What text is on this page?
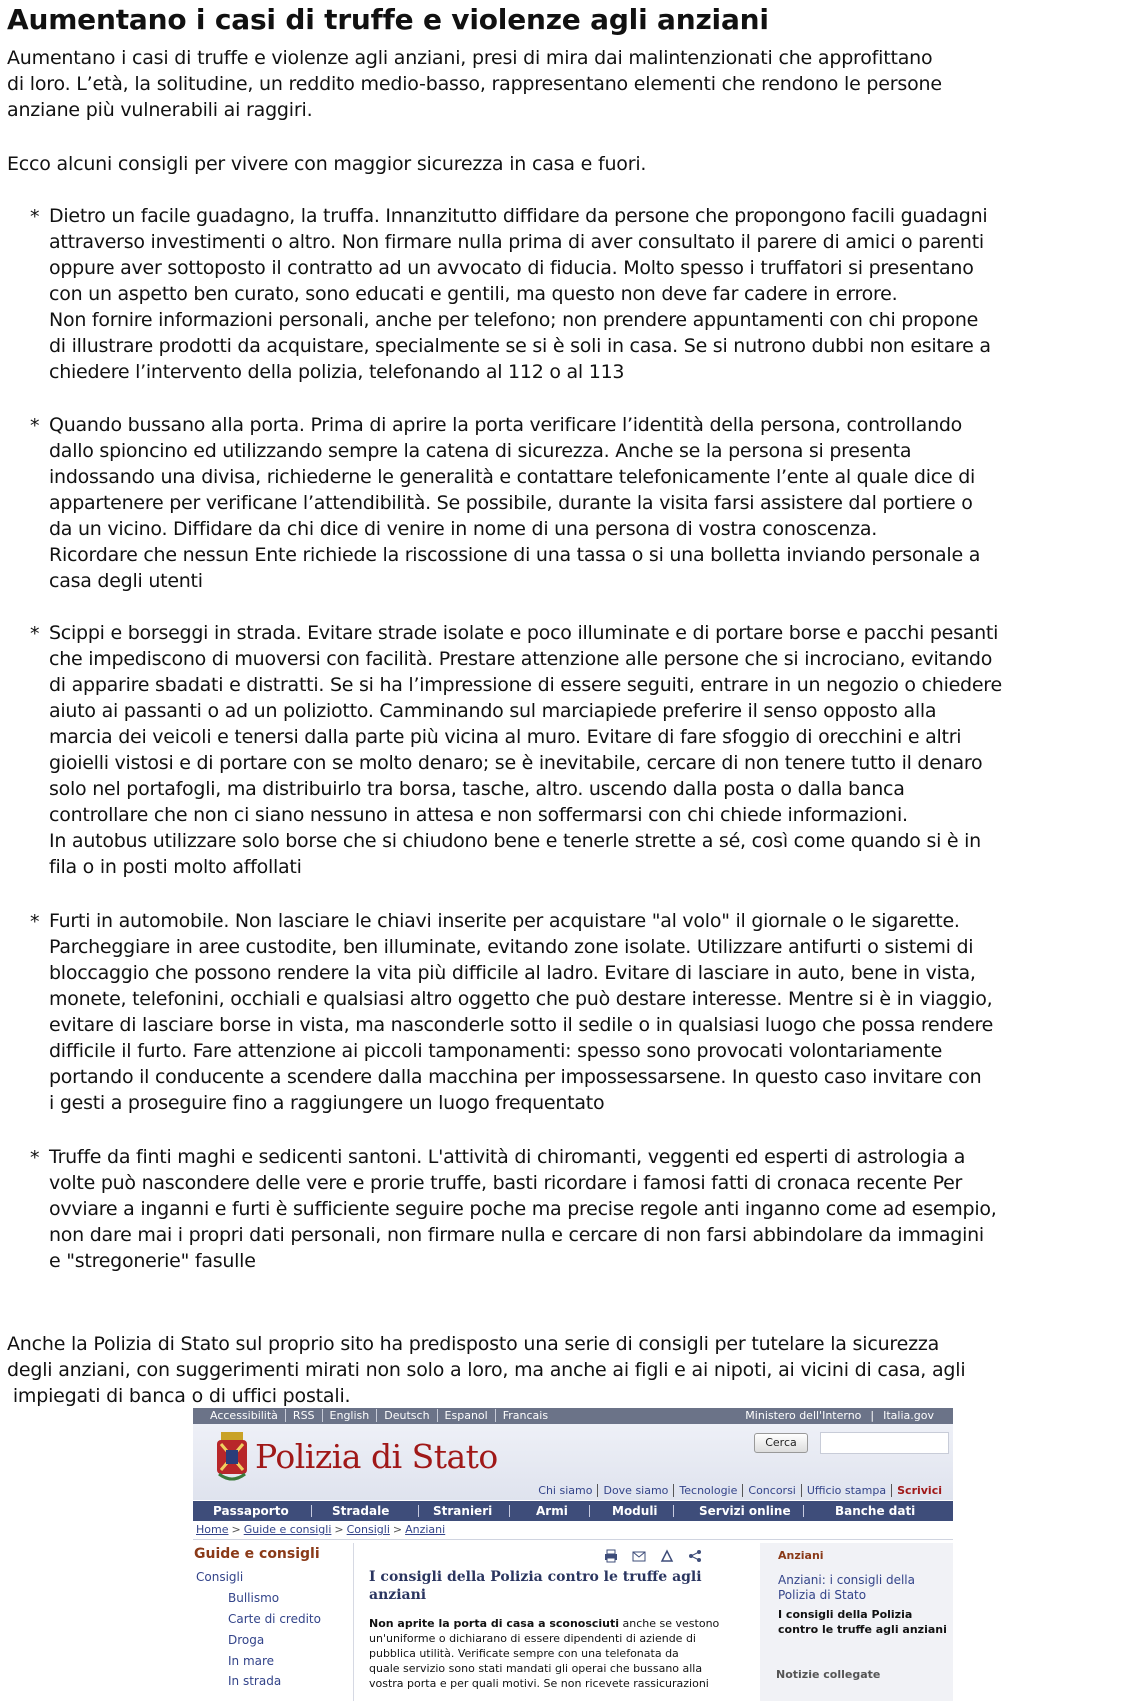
Aumentano i casi di truffe e violenze agli anziani

Aumentano i casi di truffe e violenze agli anziani, presi di mira dai malintenzionati che approfittano
di loro. L’età, la solitudine, un reddito medio-basso, rappresentano elementi che rendono le persone
anziane più vulnerabili ai raggiri.

Ecco alcuni consigli per vivere con maggior sicurezza in casa e fuori.

* Dietro un facile guadagno, la truffa. Innanzitutto diffidare da persone che propongono facili guadagni
attraverso investimenti o altro. Non firmare nulla prima di aver consultato il parere di amici o parenti
oppure aver sottoposto il contratto ad un avvocato di fiducia. Molto spesso i truffatori si presentano
con un aspetto ben curato, sono educati e gentili, ma questo non deve far cadere in errore.
Non fornire informazioni personali, anche per telefono; non prendere appuntamenti con chi propone
di illustrare prodotti da acquistare, specialmente se si è soli in casa. Se si nutrono dubbi non esitare a
chiedere l’intervento della polizia, telefonando al 112 o al 113
* Quando bussano alla porta. Prima di aprire la porta verificare l’identità della persona, controllando
dallo spioncino ed utilizzando sempre la catena di sicurezza. Anche se la persona si presenta
indossando una divisa, richiederne le generalità e contattare telefonicamente l’ente al quale dice di
appartenere per verificane l’attendibilità. Se possibile, durante la visita farsi assistere dal portiere o
da un vicino. Diffidare da chi dice di venire in nome di una persona di vostra conoscenza.
Ricordare che nessun Ente richiede la riscossione di una tassa o si una bolletta inviando personale a
casa degli utenti
* Scippi e borseggi in strada. Evitare strade isolate e poco illuminate e di portare borse e pacchi pesanti
che impediscono di muoversi con facilità. Prestare attenzione alle persone che si incrociano, evitando
di apparire sbadati e distratti. Se si ha l’impressione di essere seguiti, entrare in un negozio o chiedere
aiuto ai passanti o ad un poliziotto. Camminando sul marciapiede preferire il senso opposto alla
marcia dei veicoli e tenersi dalla parte più vicina al muro. Evitare di fare sfoggio di orecchini e altri
gioielli vistosi e di portare con se molto denaro; se è inevitabile, cercare di non tenere tutto il denaro
solo nel portafogli, ma distribuirlo tra borsa, tasche, altro. uscendo dalla posta o dalla banca
controllare che non ci siano nessuno in attesa e non soffermarsi con chi chiede informazioni.
In autobus utilizzare solo borse che si chiudono bene e tenerle strette a sé, così come quando si è in
fila o in posti molto affollati
* Furti in automobile. Non lasciare le chiavi inserite per acquistare "al volo" il giornale o le sigarette.
Parcheggiare in aree custodite, ben illuminate, evitando zone isolate. Utilizzare antifurti o sistemi di
bloccaggio che possono rendere la vita più difficile al ladro. Evitare di lasciare in auto, bene in vista,
monete, telefonini, occhiali e qualsiasi altro oggetto che può destare interesse. Mentre si è in viaggio,
evitare di lasciare borse in vista, ma nasconderle sotto il sedile o in qualsiasi luogo che possa rendere
difficile il furto. Fare attenzione ai piccoli tamponamenti: spesso sono provocati volontariamente
portando il conducente a scendere dalla macchina per impossessarsene. In questo caso invitare con
i gesti a proseguire fino a raggiungere un luogo frequentato
* Truffe da finti maghi e sedicenti santoni. L'attività di chiromanti, veggenti ed esperti di astrologia a
volte può nascondere delle vere e prorie truffe, basti ricordare i famosi fatti di cronaca recente Per
ovviare a inganni e furti è sufficiente seguire poche ma precise regole anti inganno come ad esempio,
non dare mai i propri dati personali, non firmare nulla e cercare di non farsi abbindolare da immagini
e "stregonerie" fasulle

Anche la Polizia di Stato sul proprio sito ha predisposto una serie di consigli per tutelare la sicurezza
degli anziani, con suggerimenti mirati non solo a loro, ma anche ai figli e ai nipoti, ai vicini di casa, agli
impiegati di banca o di uffici postali.

Accessibilità RSS English Deutsch Espanol Francais	Ministero dell'Interno | Italia.gov
Polizia di Stato	Cerca
Chi siamo Dove siamo Tecnologie Concorsi Ufficio stampa Scrivici
Passaporto	Stradale	Stranieri	Armi	Moduli	Servizi online	Banche dati
Home > Guide e consigli > Consigli > Anziani
Guide e consigli
Consigli
Bullismo
Carte di credito
Droga
In mare
In strada
I consigli della Polizia contro le truffe agli anziani
Non aprite la porta di casa a sconosciuti anche se vestono
un'uniforme o dichiarano di essere dipendenti di aziende di
pubblica utilità. Verificate sempre con una telefonata da
quale servizio sono stati mandati gli operai che bussano alla
vostra porta e per quali motivi. Se non ricevete rassicurazioni
Anziani
Anziani: i consigli della Polizia di Stato
I consigli della Polizia contro le truffe agli anziani
Notizie collegate
